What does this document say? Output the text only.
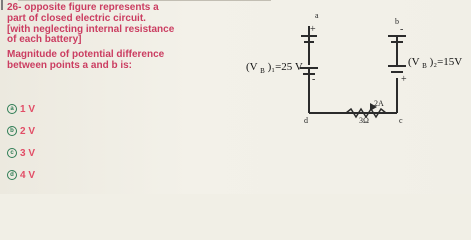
26- opposite figure represents a
part of closed electric circuit.
[with neglecting internal resistance
of each battery]
Magnitude of potential difference
between points a and b is:
a 1 V
b 2 V
c 3 V
d 4 V
a
+
b
-
-	+
d	c
2A
3Ω
(V $_B$ )₁=25 V	(V $_B$ )₂=15V
